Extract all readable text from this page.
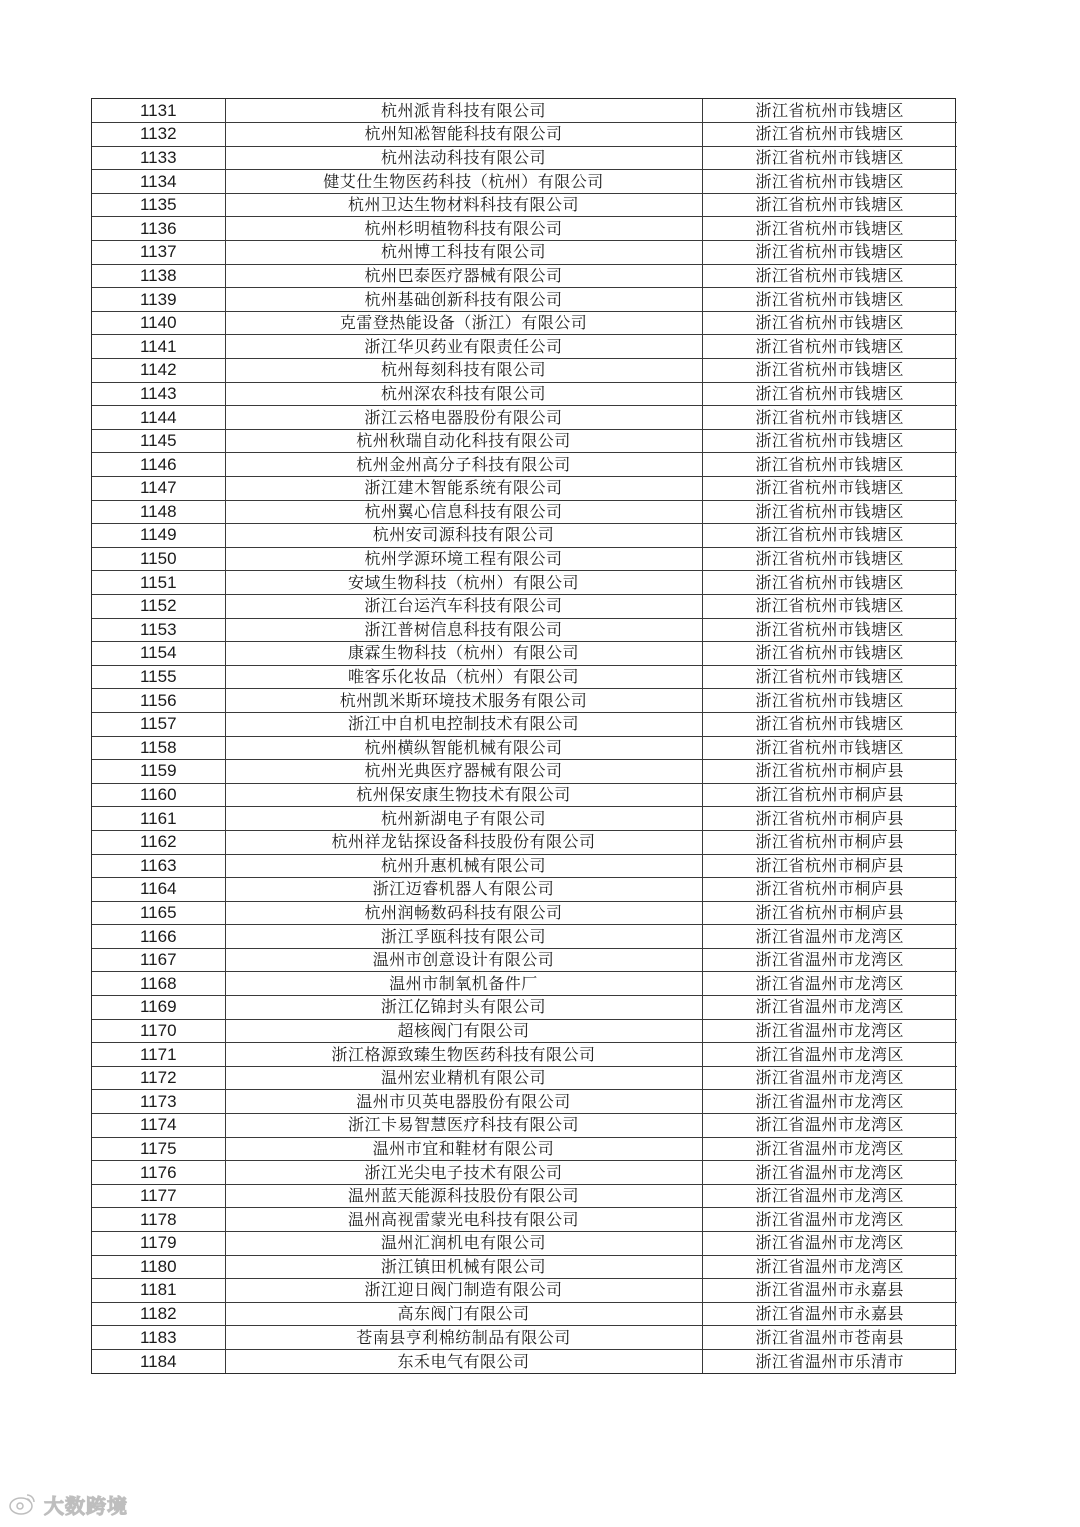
1131	杭州派肯科技有限公司	浙江省杭州市钱塘区
1132	杭州知凇智能科技有限公司	浙江省杭州市钱塘区
1133	杭州法动科技有限公司	浙江省杭州市钱塘区
1134	健艾仕生物医药科技（杭州）有限公司	浙江省杭州市钱塘区
1135	杭州卫达生物材料科技有限公司	浙江省杭州市钱塘区
1136	杭州杉明植物科技有限公司	浙江省杭州市钱塘区
1137	杭州博工科技有限公司	浙江省杭州市钱塘区
1138	杭州巴泰医疗器械有限公司	浙江省杭州市钱塘区
1139	杭州基础创新科技有限公司	浙江省杭州市钱塘区
1140	克雷登热能设备（浙江）有限公司	浙江省杭州市钱塘区
1141	浙江华贝药业有限责任公司	浙江省杭州市钱塘区
1142	杭州每刻科技有限公司	浙江省杭州市钱塘区
1143	杭州深农科技有限公司	浙江省杭州市钱塘区
1144	浙江云格电器股份有限公司	浙江省杭州市钱塘区
1145	杭州秋瑞自动化科技有限公司	浙江省杭州市钱塘区
1146	杭州金州高分子科技有限公司	浙江省杭州市钱塘区
1147	浙江建木智能系统有限公司	浙江省杭州市钱塘区
1148	杭州翼心信息科技有限公司	浙江省杭州市钱塘区
1149	杭州安司源科技有限公司	浙江省杭州市钱塘区
1150	杭州学源环境工程有限公司	浙江省杭州市钱塘区
1151	安域生物科技（杭州）有限公司	浙江省杭州市钱塘区
1152	浙江台运汽车科技有限公司	浙江省杭州市钱塘区
1153	浙江普树信息科技有限公司	浙江省杭州市钱塘区
1154	康霖生物科技（杭州）有限公司	浙江省杭州市钱塘区
1155	唯客乐化妆品（杭州）有限公司	浙江省杭州市钱塘区
1156	杭州凯米斯环境技术服务有限公司	浙江省杭州市钱塘区
1157	浙江中自机电控制技术有限公司	浙江省杭州市钱塘区
1158	杭州横纵智能机械有限公司	浙江省杭州市钱塘区
1159	杭州光典医疗器械有限公司	浙江省杭州市桐庐县
1160	杭州保安康生物技术有限公司	浙江省杭州市桐庐县
1161	杭州新湖电子有限公司	浙江省杭州市桐庐县
1162	杭州祥龙钻探设备科技股份有限公司	浙江省杭州市桐庐县
1163	杭州升惠机械有限公司	浙江省杭州市桐庐县
1164	浙江迈睿机器人有限公司	浙江省杭州市桐庐县
1165	杭州润畅数码科技有限公司	浙江省杭州市桐庐县
1166	浙江孚瓯科技有限公司	浙江省温州市龙湾区
1167	温州市创意设计有限公司	浙江省温州市龙湾区
1168	温州市制氧机备件厂	浙江省温州市龙湾区
1169	浙江亿锦封头有限公司	浙江省温州市龙湾区
1170	超核阀门有限公司	浙江省温州市龙湾区
1171	浙江格源致臻生物医药科技有限公司	浙江省温州市龙湾区
1172	温州宏业精机有限公司	浙江省温州市龙湾区
1173	温州市贝英电器股份有限公司	浙江省温州市龙湾区
1174	浙江卡易智慧医疗科技有限公司	浙江省温州市龙湾区
1175	温州市宜和鞋材有限公司	浙江省温州市龙湾区
1176	浙江光尖电子技术有限公司	浙江省温州市龙湾区
1177	温州蓝天能源科技股份有限公司	浙江省温州市龙湾区
1178	温州高视雷蒙光电科技有限公司	浙江省温州市龙湾区
1179	温州汇润机电有限公司	浙江省温州市龙湾区
1180	浙江镇田机械有限公司	浙江省温州市龙湾区
1181	浙江迎日阀门制造有限公司	浙江省温州市永嘉县
1182	高东阀门有限公司	浙江省温州市永嘉县
1183	苍南县亨利棉纺制品有限公司	浙江省温州市苍南县
1184	东禾电气有限公司	浙江省温州市乐清市
大数跨境
